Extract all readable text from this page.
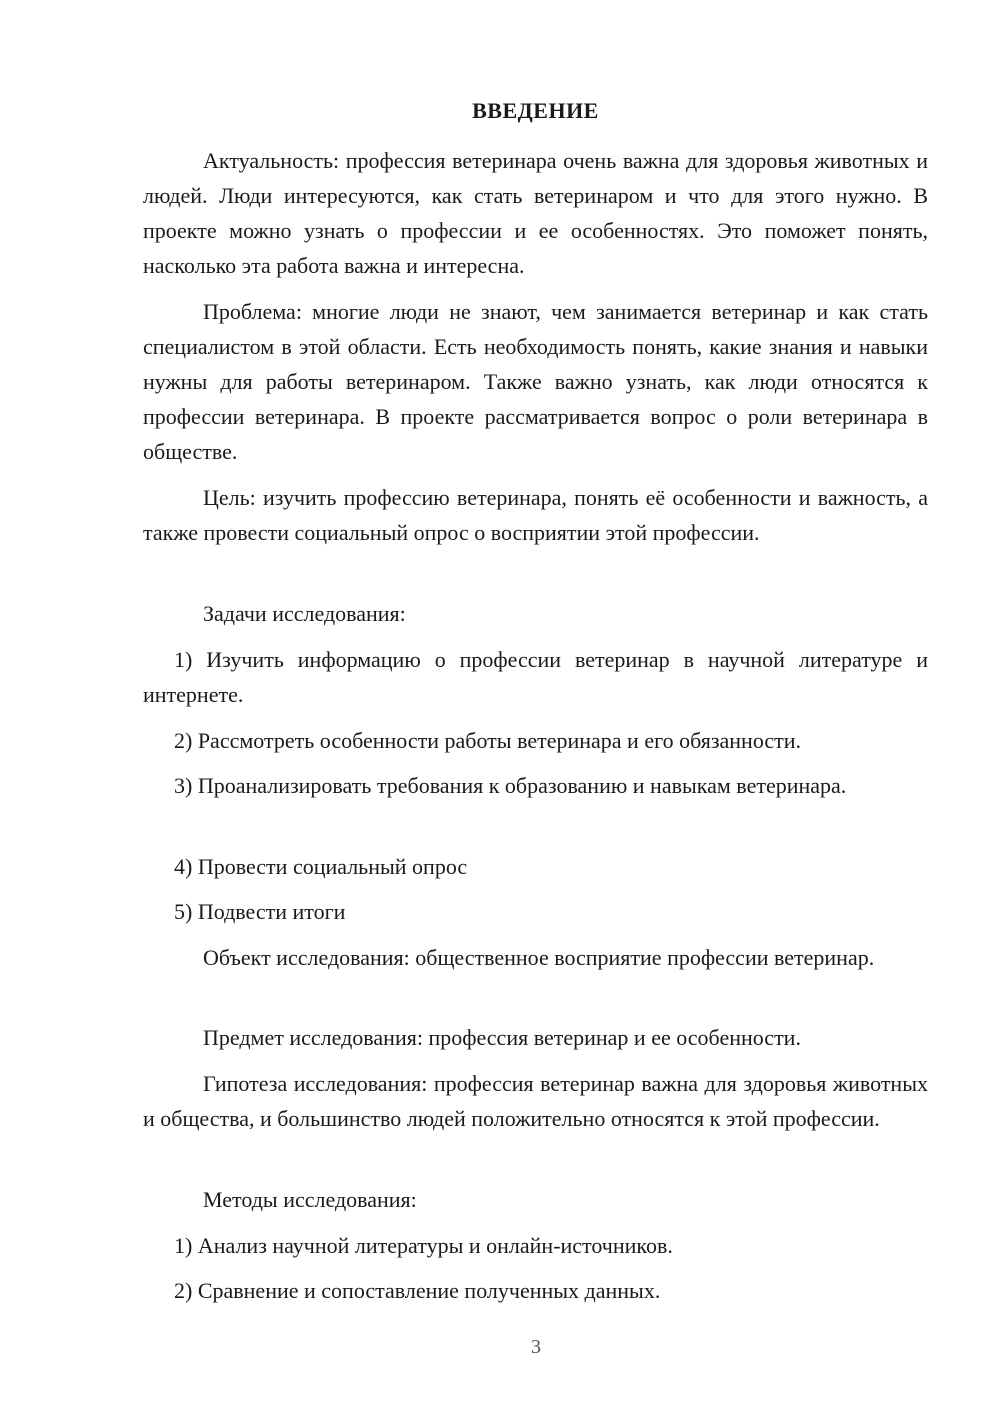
ВВЕДЕНИЕ

Актуальность: профессия ветеринара очень важна для здоровья животных и людей. Люди интересуются, как стать ветеринаром и что для этого нужно. В проекте можно узнать о профессии и ее особенностях. Это поможет понять, насколько эта работа важна и интересна.

Проблема: многие люди не знают, чем занимается ветеринар и как стать специалистом в этой области. Есть необходимость понять, какие знания и навыки нужны для работы ветеринаром. Также важно узнать, как люди относятся к профессии ветеринара. В проекте рассматривается вопрос о роли ветеринара в обществе.

Цель: изучить профессию ветеринара, понять её особенности и важность, а также провести социальный опрос о восприятии этой профессии.

Задачи исследования:

1) Изучить информацию о профессии ветеринар в научной литературе и интернете.

2) Рассмотреть особенности работы ветеринара и его обязанности.

3) Проанализировать требования к образованию и навыкам ветеринара.

4) Провести социальный опрос

5) Подвести итоги

Объект исследования: общественное восприятие профессии ветеринар.

Предмет исследования: профессия ветеринар и ее особенности.

Гипотеза исследования: профессия ветеринар важна для здоровья животных и общества, и большинство людей положительно относятся к этой профессии.

Методы исследования:

1) Анализ научной литературы и онлайн-источников.

2) Сравнение и сопоставление полученных данных.

3
